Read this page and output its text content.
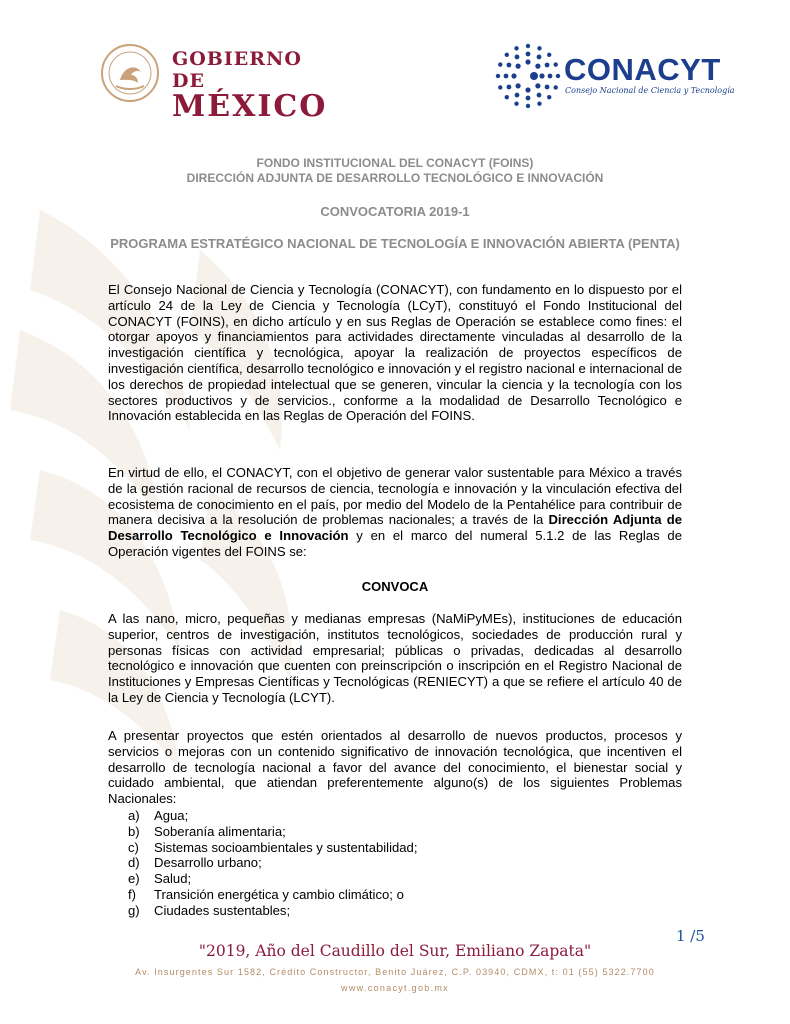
GOBIERNO DE
MÉXICO
CONACYT
Consejo Nacional de Ciencia y Tecnología
FONDO INSTITUCIONAL DEL CONACYT (FOINS)
DIRECCIÓN ADJUNTA DE DESARROLLO TECNOLÓGICO E INNOVACIÓN
CONVOCATORIA 2019-1
PROGRAMA ESTRATÉGICO NACIONAL DE TECNOLOGÍA E INNOVACIÓN ABIERTA (PENTA)
El Consejo Nacional de Ciencia y Tecnología (CONACYT), con fundamento en lo dispuesto por el artículo 24 de la Ley de Ciencia y Tecnología (LCyT), constituyó el Fondo Institucional del CONACYT (FOINS), en dicho artículo y en sus Reglas de Operación se establece como fines: el otorgar apoyos y financiamientos para actividades directamente vinculadas al desarrollo de la investigación científica y tecnológica, apoyar la realización de proyectos específicos de investigación científica, desarrollo tecnológico e innovación y el registro nacional e internacional de los derechos de propiedad intelectual que se generen, vincular la ciencia y la tecnología con los sectores productivos y de servicios., conforme a la modalidad de Desarrollo Tecnológico e Innovación establecida en las Reglas de Operación del FOINS.
En virtud de ello, el CONACYT, con el objetivo de generar valor sustentable para México a través de la gestión racional de recursos de ciencia, tecnología e innovación y la vinculación efectiva del ecosistema de conocimiento en el país, por medio del Modelo de la Pentahélice para contribuir de manera decisiva a la resolución de problemas nacionales; a través de la Dirección Adjunta de Desarrollo Tecnológico e Innovación y en el marco del numeral 5.1.2 de las Reglas de Operación vigentes del FOINS se:
CONVOCA
A las nano, micro, pequeñas y medianas empresas (NaMiPyMEs), instituciones de educación superior, centros de investigación, institutos tecnológicos, sociedades de producción rural y personas físicas con actividad empresarial; públicas o privadas, dedicadas al desarrollo tecnológico e innovación que cuenten con preinscripción o inscripción en el Registro Nacional de Instituciones y Empresas Científicas y Tecnológicas (RENIECYT) a que se refiere el artículo 40 de la Ley de Ciencia y Tecnología (LCYT).
A presentar proyectos que estén orientados al desarrollo de nuevos productos, procesos y servicios o mejoras con un contenido significativo de innovación tecnológica, que incentiven el desarrollo de tecnología nacional a favor del avance del conocimiento, el bienestar social y cuidado ambiental, que atiendan preferentemente alguno(s) de los siguientes Problemas Nacionales:
a)	Agua;
b)	Soberanía alimentaria;
c)	Sistemas socioambientales y sustentabilidad;
d)	Desarrollo urbano;
e)	Salud;
f)	Transición energética y cambio climático; o
g)	Ciudades sustentables;
1 /5
"2019, Año del Caudillo del Sur, Emiliano Zapata"
Av. Insurgentes Sur 1582, Crédito Constructor, Benito Juárez, C.P. 03940, CDMX, t: 01 (55) 5322.7700
www.conacyt.gob.mx
